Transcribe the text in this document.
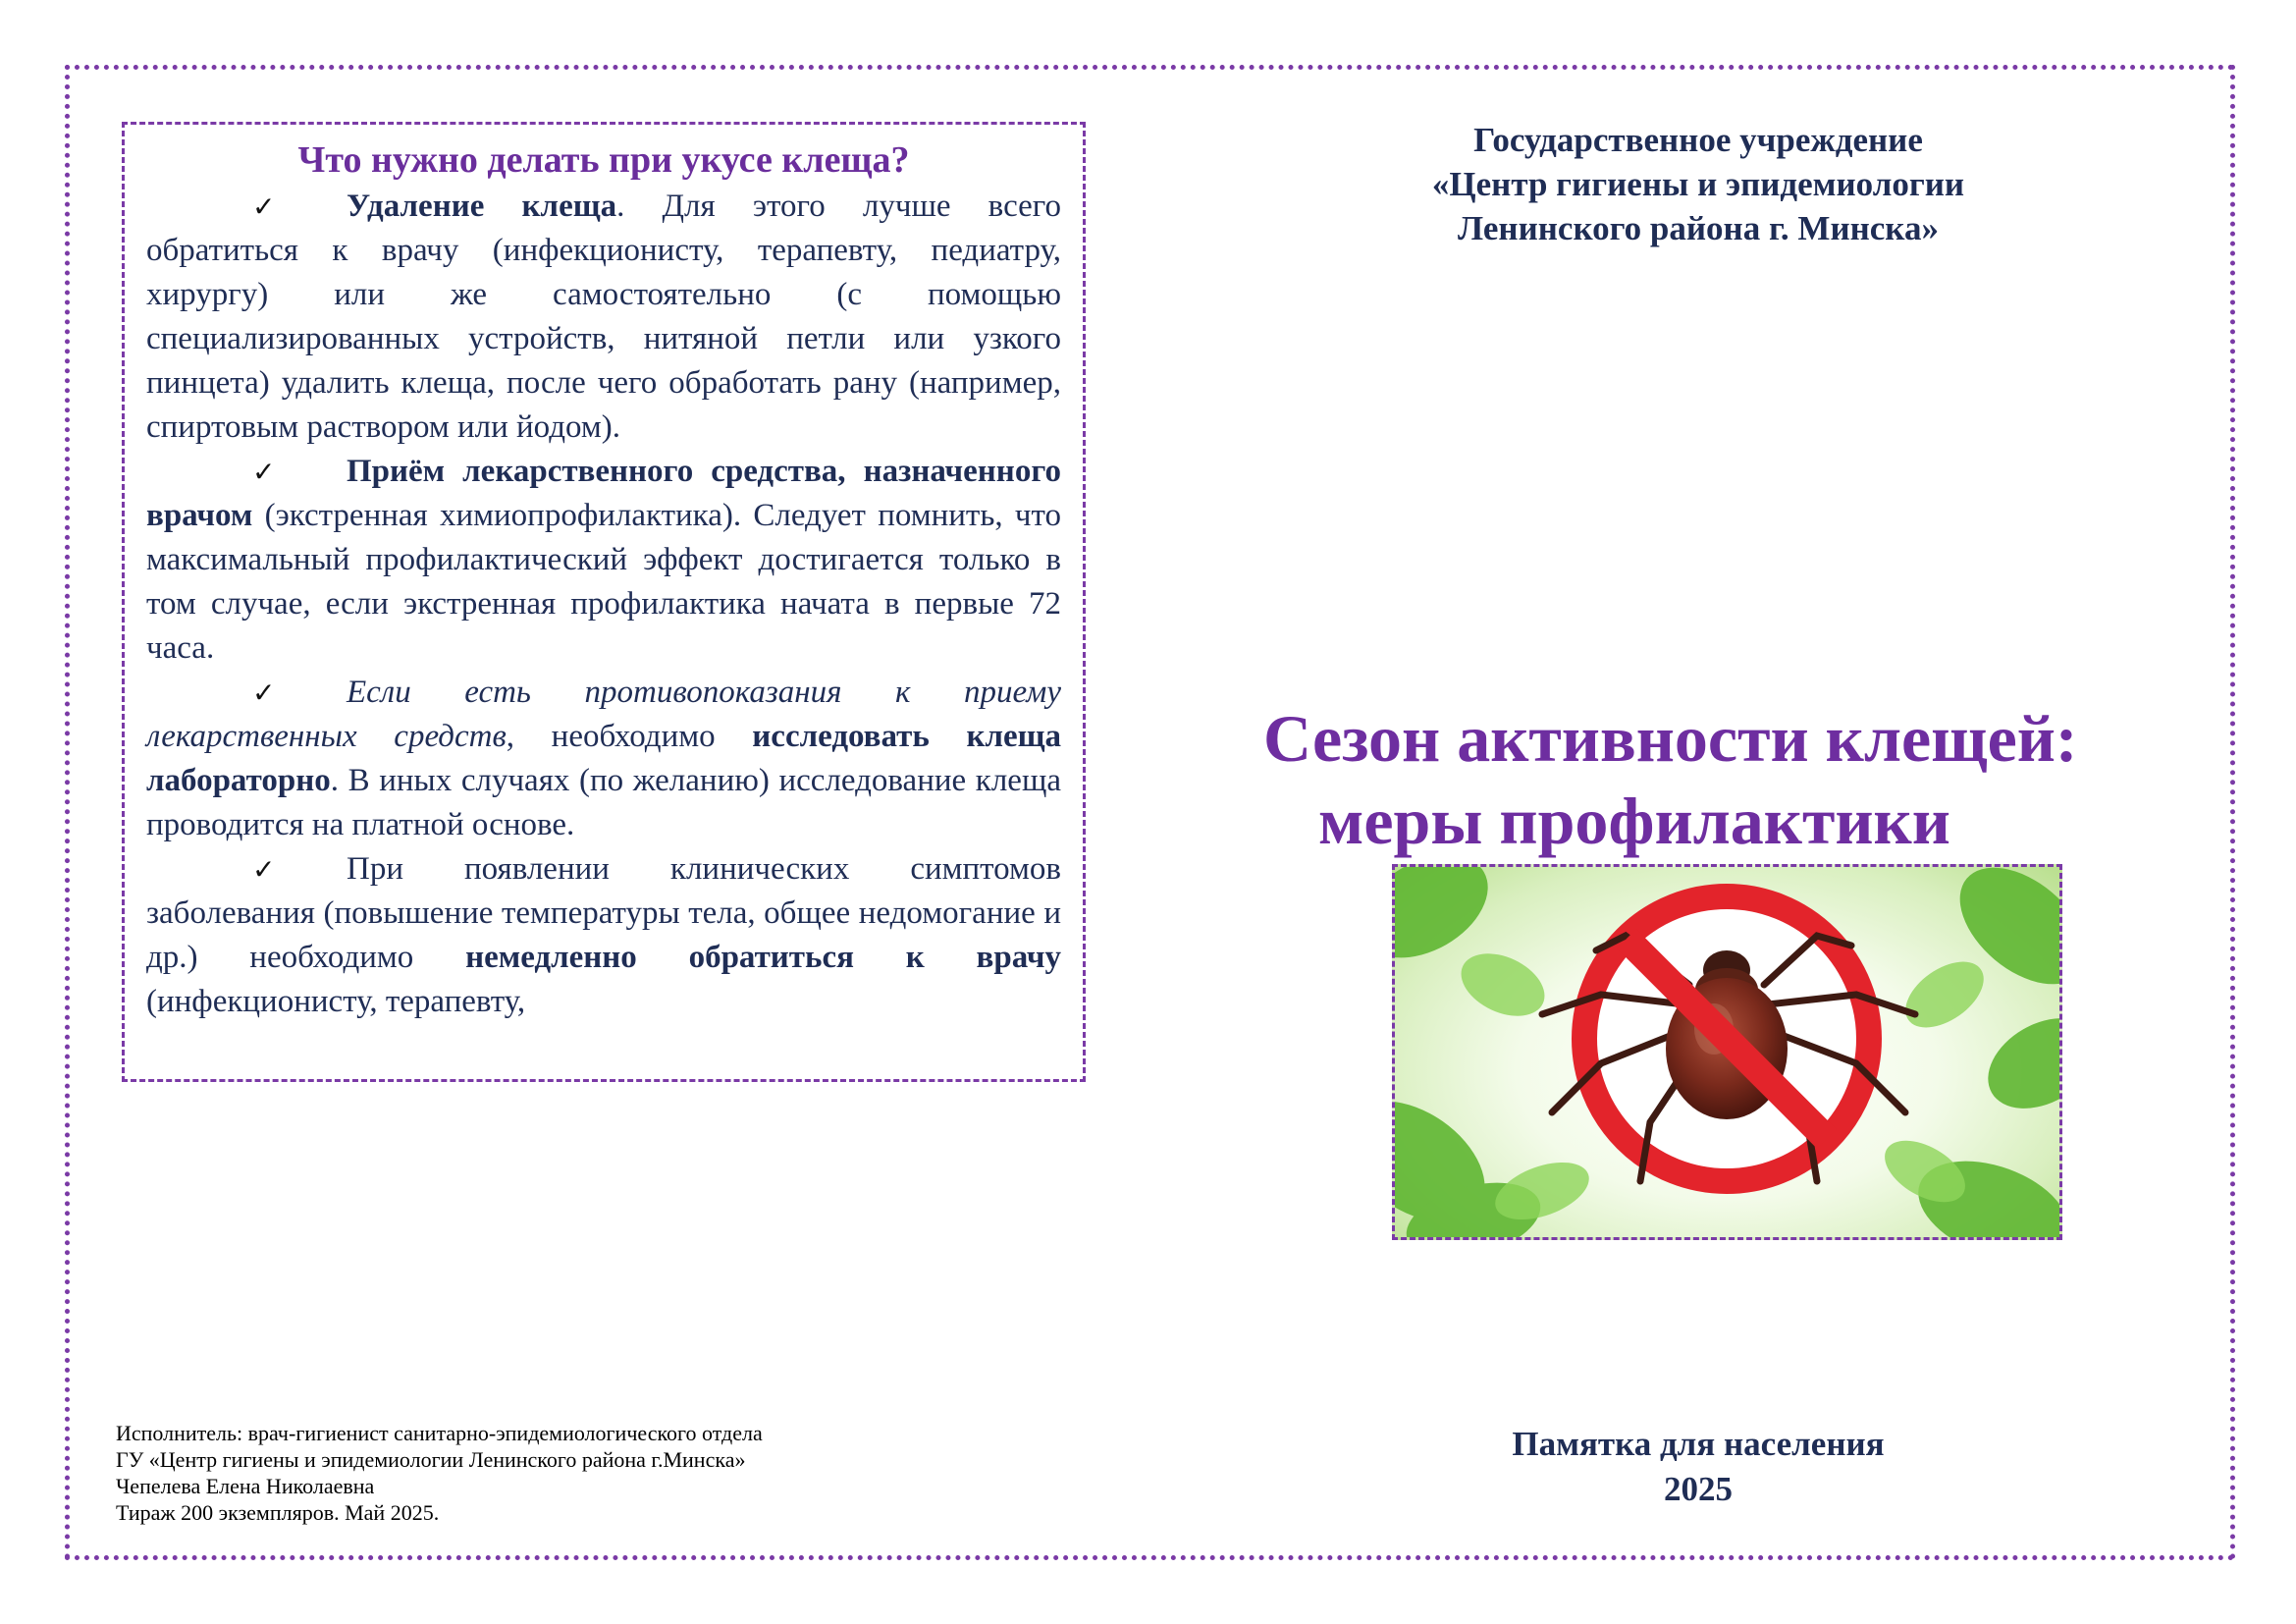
Что нужно делать при укусе клеща?

✓ Удаление клеща. Для этого лучше всего обратиться к врачу (инфекционисту, терапевту, педиатру, хирургу) или же самостоятельно (с помощью специализированных устройств, нитяной петли или узкого пинцета) удалить клеща, после чего обработать рану (например, спиртовым раствором или йодом).

✓ Приём лекарственного средства, назначенного врачом (экстренная химиопрофилактика). Следует помнить, что максимальный профилактический эффект достигается только в том случае, если экстренная профилактика начата в первые 72 часа.

✓ Если есть противопоказания к приему лекарственных средств, необходимо исследовать клеща лабораторно. В иных случаях (по желанию) исследование клеща проводится на платной основе.

✓ При появлении клинических симптомов заболевания (повышение температуры тела, общее недомогание и др.) необходимо немедленно обратиться к врачу (инфекционисту, терапевту,

Государственное учреждение
«Центр гигиены и эпидемиологии
Ленинского района г. Минска»
Сезон активности клещей:
меры профилактики
Памятка для населения
2025
Исполнитель: врач-гигиенист санитарно-эпидемиологического отдела
ГУ «Центр гигиены и эпидемиологии Ленинского района г.Минска»
Чепелева Елена Николаевна
Тираж 200 экземпляров. Май 2025.
